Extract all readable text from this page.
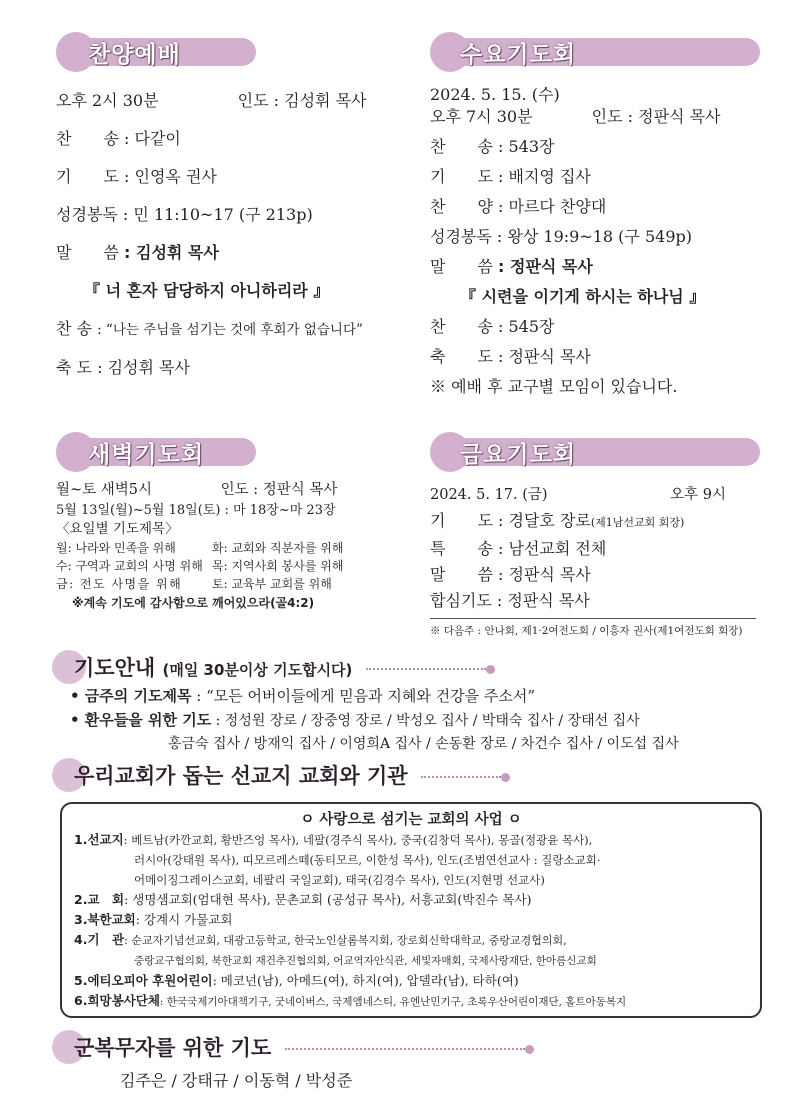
찬양예배
오후 2시 30분	인도 : 김성휘 목사
찬　　송 : 다같이
기　　도 : 인영옥 권사
성경봉독 : 민 11:10~17 (구 213p)
말　　씀 : 김성휘 목사
『 너 혼자 담당하지 아니하리라 』
찬 송 : “나는 주님을 섬기는 것에 후회가 없습니다”
축 도 : 김성휘 목사
수요기도회
2024. 5. 15. (수)
오후 7시 30분	인도 : 정판식 목사
찬　　송 : 543장
기　　도 : 배지영 집사
찬　　양 : 마르다 찬양대
성경봉독 : 왕상 19:9~18 (구 549p)
말　　씀 : 정판식 목사
『 시련을 이기게 하시는 하나님 』
찬　　송 : 545장
축　　도 : 정판식 목사
※ 예배 후 교구별 모임이 있습니다.
새벽기도회
월~토 새벽5시	인도 : 정판식 목사
5월 13일(월)~5월 18일(토) : 마 18장~마 23장
〈요일별 기도제목〉
월: 나라와 민족을 위해	화: 교회와 직분자를 위해
수: 구역과 교회의 사명 위해 목: 지역사회 봉사를 위해
금: 전도 사명을 위해 토: 교육부 교회를 위해
※계속 기도에 감사함으로 깨어있으라(골4:2)
금요기도회
2024. 5. 17. (금)	오후 9시
기　　도 : 경달호 장로(제1남선교회 회장)
특　　송 : 남선교회 전체
말　　씀 : 정판식 목사
합심기도 : 정판식 목사
※ 다음주 : 안나회, 제1·2여전도회 / 이흥자 권사(제1여전도회 회장)
기도안내 (매일 30분이상 기도합시다)
• 금주의 기도제목 : “모든 어버이들에게 믿음과 지혜와 건강을 주소서”
• 환우들을 위한 기도 : 정성원 장로 / 장중영 장로 / 박성오 집사 / 박태숙 집사 / 장태선 집사
홍금숙 집사 / 방재익 집사 / 이영희A 집사 / 손동환 장로 / 차건수 집사 / 이도섭 집사
우리교회가 돕는 선교지 교회와 기관
ㅇ 사랑으로 섬기는 교회의 사업 ㅇ
1.선교지: 베트남(카깐교회, 황반즈엉 목사), 네팔(경주식 목사), 중국(김창덕 목사), 몽골(정광윤 목사),
러시아(강태원 목사), 띠모르레스떼(동티모르, 이한성 목사), 인도(조범연선교사 : 질랑소교회·
어메이징그레이스교회, 네팔리 국일교회), 태국(김경수 목사), 인도(지현명 선교사)
2.교　회: 생명샘교회(엄대현 목사), 문촌교회 (공성규 목사), 서흥교회(박진수 목사)
3.북한교회: 강계시 가물교회
4.기　관: 순교자기념선교회, 대광고등학교, 한국노인살롬복지회, 장로회신학대학교, 중랑교경협의회,
중랑교구협의회, 북한교회 재건추진협의회, 어교역자안식관, 세빛자매회, 국제사랑재단, 한아름신교회
5.에티오피아 후원어린이: 메코넌(남), 아메드(여), 하지(여), 압델라(남), 타하(여)
6.희망봉사단체: 한국국제기아대책기구, 굿네이버스, 국제앰네스티, 유엔난민기구, 초록우산어린이재단, 홀트아동복지
군복무자를 위한 기도
김주은 / 강태규 / 이동혁 / 박성준
